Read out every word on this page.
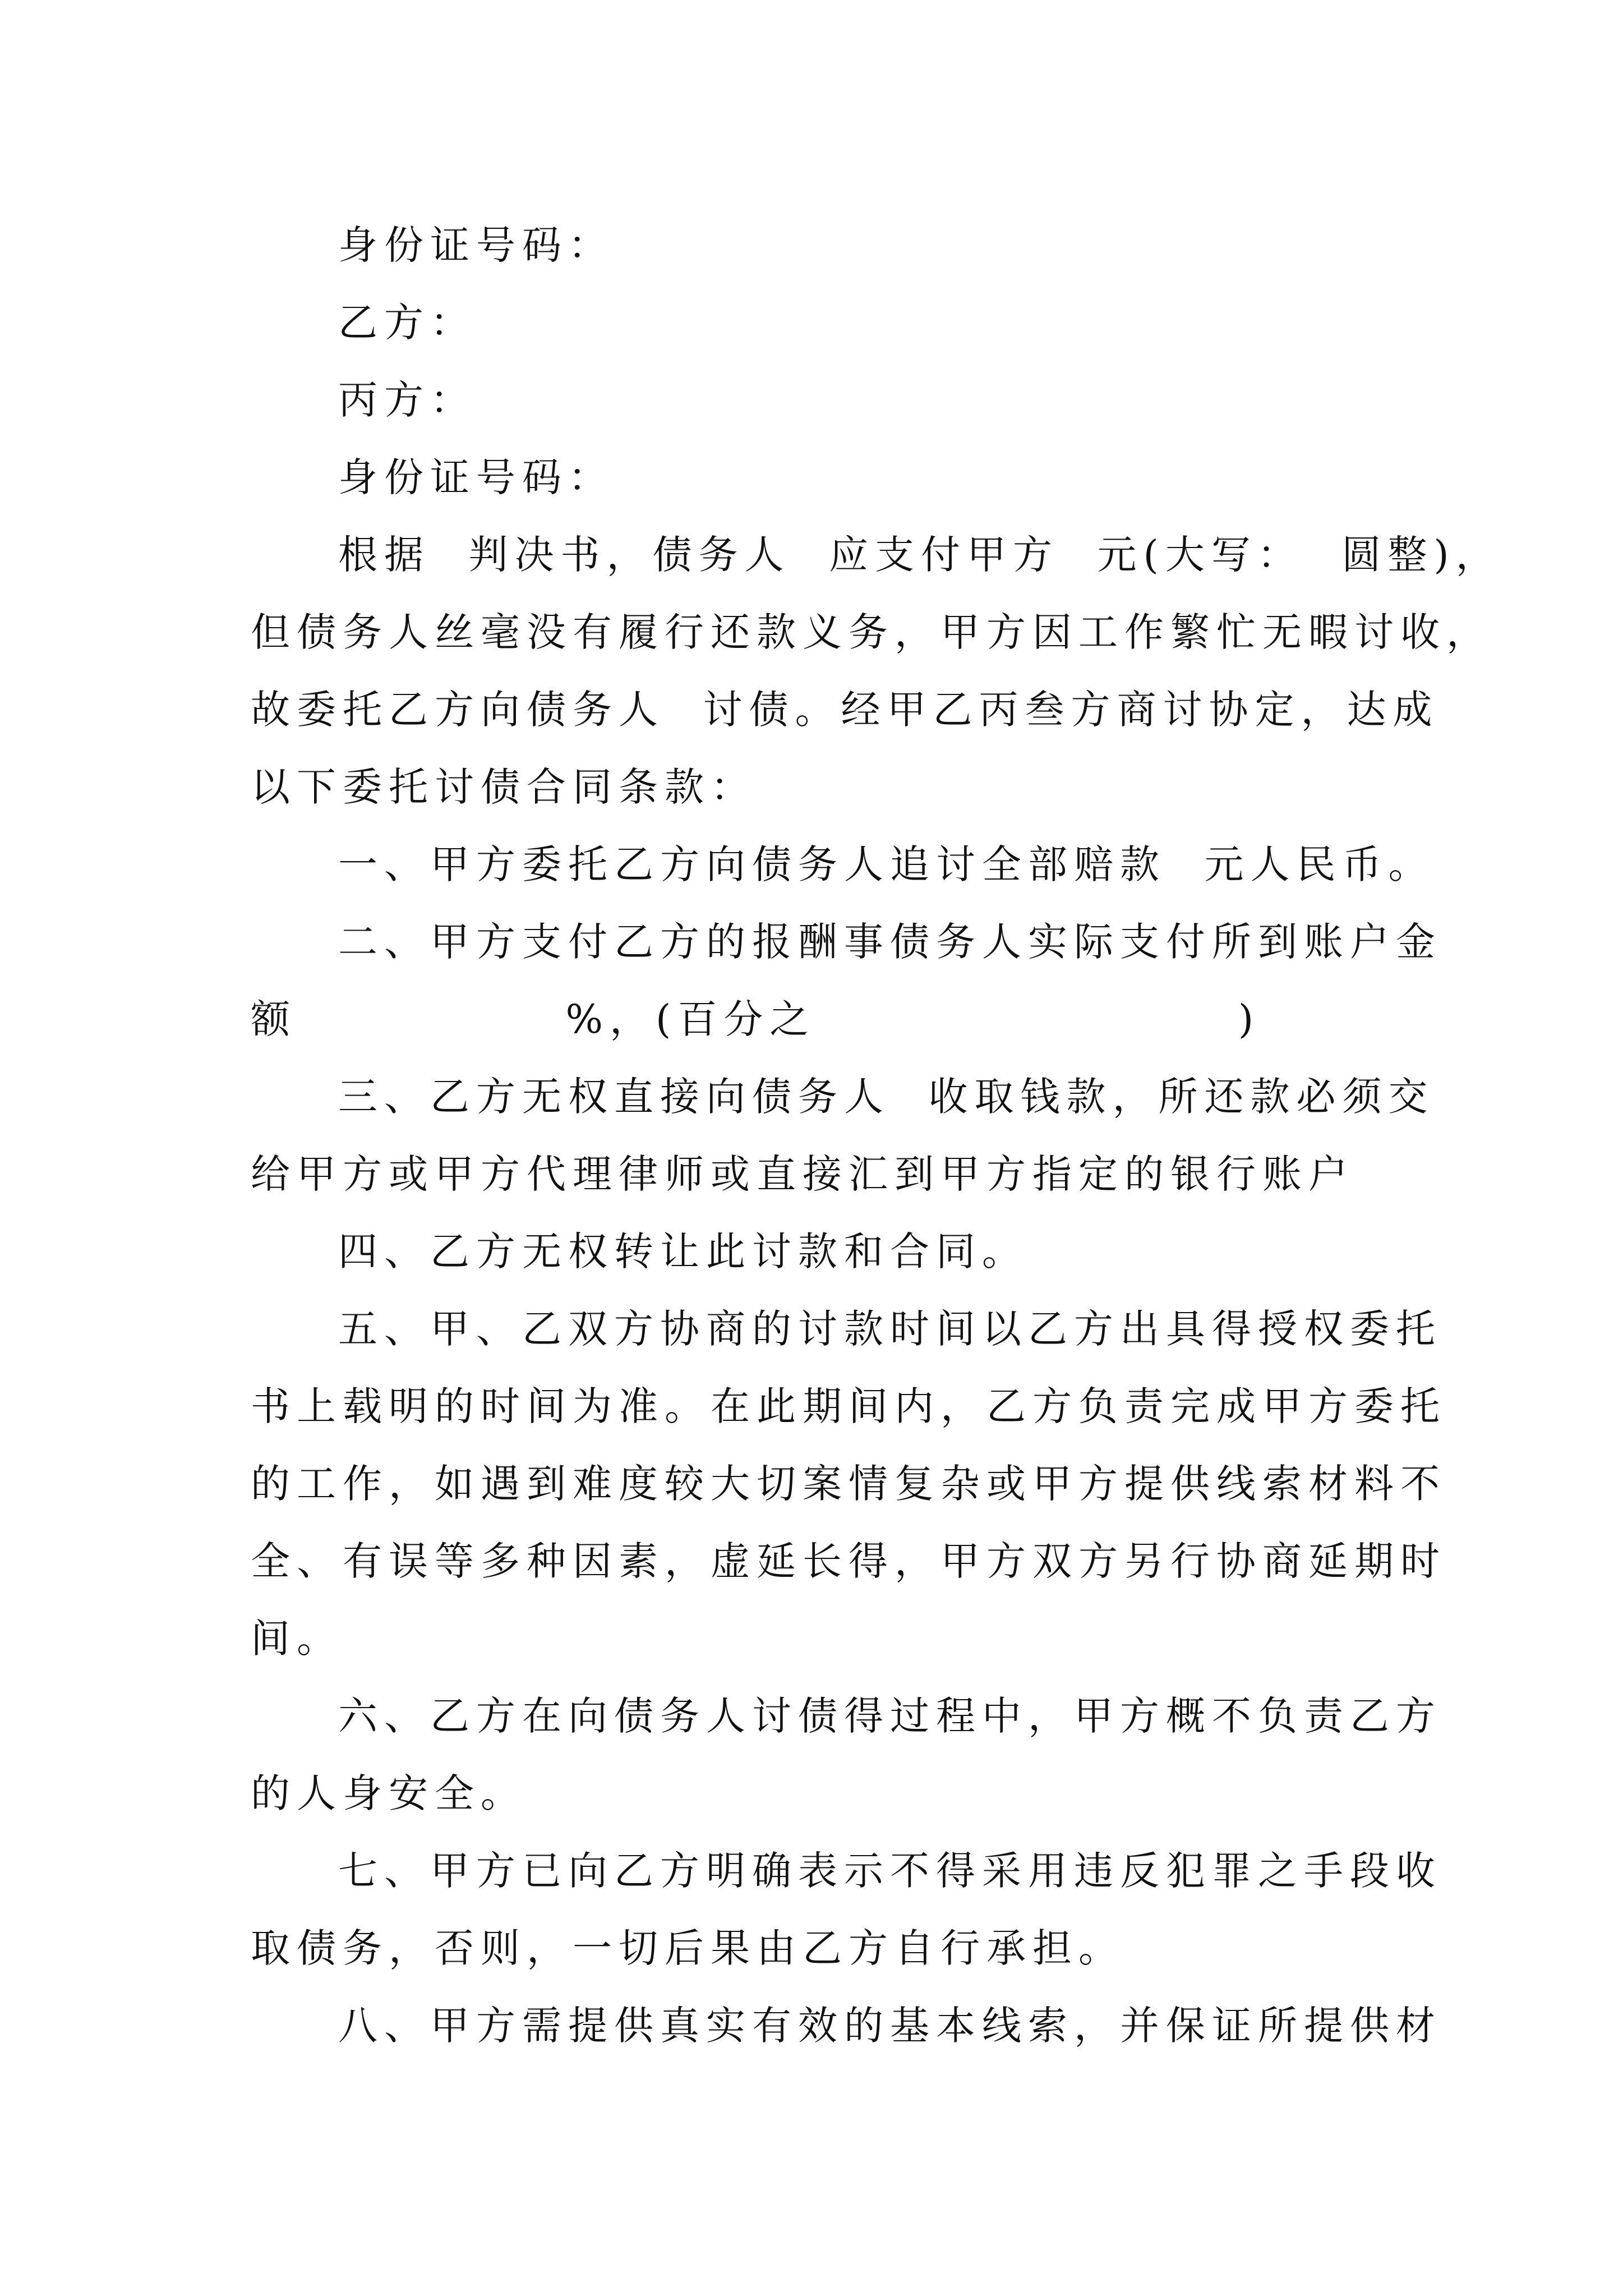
身份证号码：
乙方：
丙方：
身份证号码：
根据  判决书，债务人  应支付甲方  元(大写：  圆整)，
但债务人丝毫没有履行还款义务，甲方因工作繁忙无暇讨收，
故委托乙方向债务人  讨债。经甲乙丙叁方商讨协定，达成
以下委托讨债合同条款：
一、甲方委托乙方向债务人追讨全部赔款  元人民币。
二、甲方支付乙方的报酬事债务人实际支付所到账户金
额              %，(百分之                      )
三、乙方无权直接向债务人  收取钱款，所还款必须交
给甲方或甲方代理律师或直接汇到甲方指定的银行账户
四、乙方无权转让此讨款和合同。
五、甲、乙双方协商的讨款时间以乙方出具得授权委托
书上载明的时间为准。在此期间内，乙方负责完成甲方委托
的工作，如遇到难度较大切案情复杂或甲方提供线索材料不
全、有误等多种因素，虚延长得，甲方双方另行协商延期时
间。
六、乙方在向债务人讨债得过程中，甲方概不负责乙方
的人身安全。
七、甲方已向乙方明确表示不得采用违反犯罪之手段收
取债务，否则，一切后果由乙方自行承担。
八、甲方需提供真实有效的基本线索，并保证所提供材
